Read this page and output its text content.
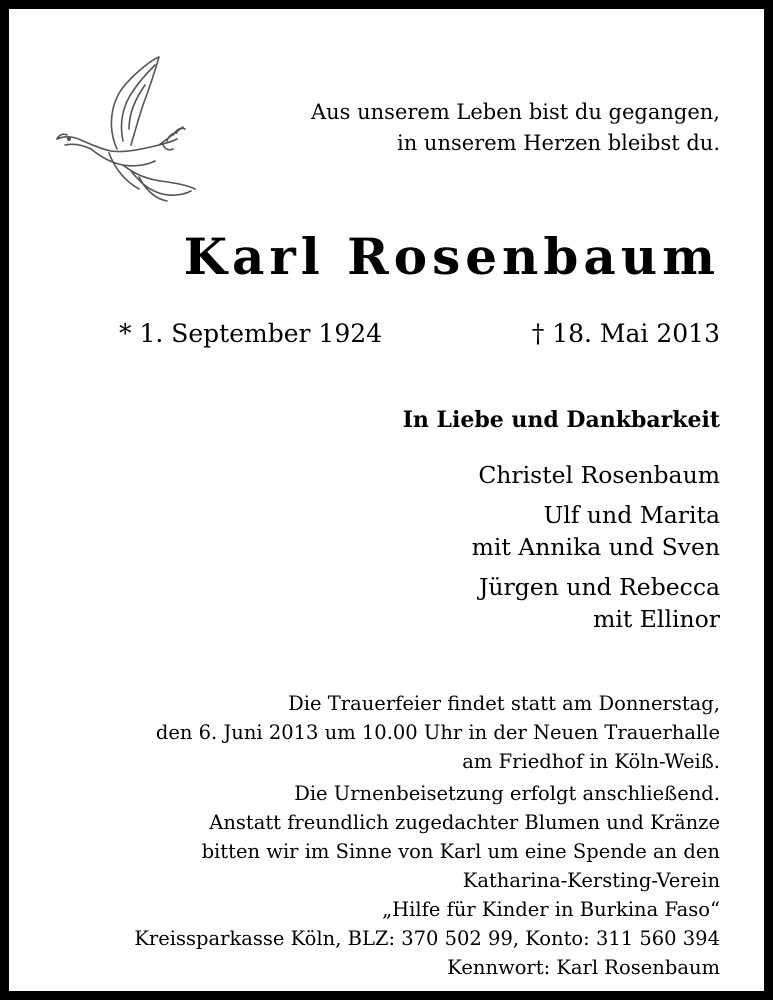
Aus unserem Leben bist du gegangen,
in unserem Herzen bleibst du.
Karl Rosenbaum
* 1. September 1924	† 18. Mai 2013
In Liebe und Dankbarkeit
Christel Rosenbaum
Ulf und Marita
mit Annika und Sven
Jürgen und Rebecca
mit Ellinor
Die Trauerfeier findet statt am Donnerstag,
den 6. Juni 2013 um 10.00 Uhr in der Neuen Trauerhalle
am Friedhof in Köln-Weiß.
Die Urnenbeisetzung erfolgt anschließend.
Anstatt freundlich zugedachter Blumen und Kränze
bitten wir im Sinne von Karl um eine Spende an den
Katharina-Kersting-Verein
„Hilfe für Kinder in Burkina Faso“
Kreissparkasse Köln, BLZ: 370 502 99, Konto: 311 560 394
Kennwort: Karl Rosenbaum
